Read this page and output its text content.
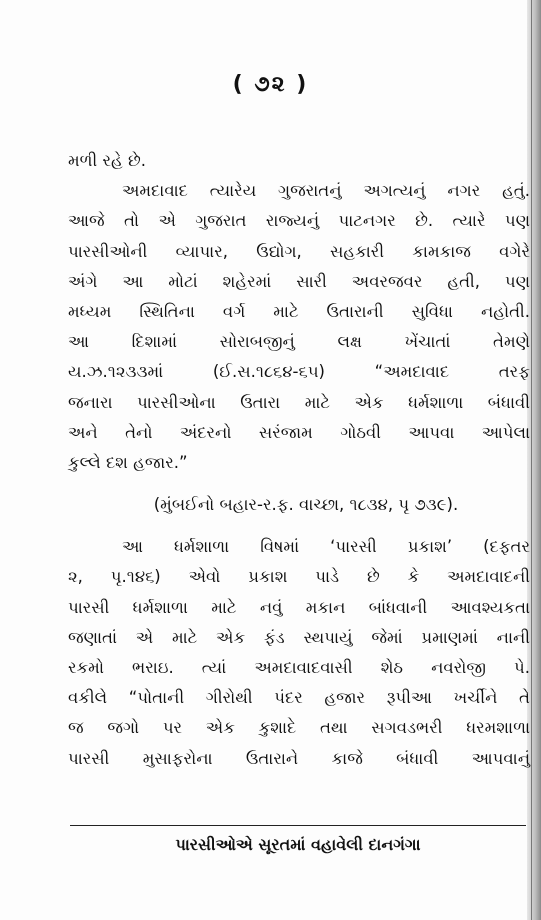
( ૭૨ )
મળી રહે છે.
અમદાવાદ ત્યારેય ગુજરાતનું અગત્યનું નગર હતું.
આજે તો એ ગુજરાત રાજ્યનું પાટનગર છે. ત્યારે પણ
પારસીઓની વ્યાપાર, ઉદ્યોગ, સહકારી કામકાજ વગેરે
અંગે આ મોટાં શહેરમાં સારી અવરજવર હતી, પણ
મધ્યમ સ્થિતિના વર્ગ માટે ઉતારાની સુવિધા નહોતી.
આ દિશામાં સોરાબજીનું લક્ષ ખેંચાતાં તેમણે
ય.ઝ.૧૨૩૩માં (ઈ.સ.૧૮૬૪-૬૫) “અમદાવાદ તરફ
જનારા પારસીઓના ઉતારા માટે એક ધર્મશાળા બંધાવી
અને તેનો અંદરનો સરંજામ ગોઠવી આપવા આપેલા
કુલ્લે દશ હજાર.”
(મુંબઈનો બહાર-ર.ફ. વાચ્છા, ૧૮૩૪, પૃ ૭૩૯).
આ ધર્મશાળા વિષમાં ‘પારસી પ્રકાશ’ (દફતર
૨, પૃ.૧૪૬) એવો પ્રકાશ પાડે છે કે અમદાવાદની
પારસી ધર્મશાળા માટે નવું મકાન બાંધવાની આવશ્યકતા
જણાતાં એ માટે એક ફંડ સ્થપાયું જેમાં પ્રમાણમાં નાની
રકમો ભરાઇ. ત્યાં અમદાવાદવાસી શેઠ નવરોજી પે.
વકીલે “પોતાની ગીરોથી પંદર હજાર રૂપીઆ ખર્ચીને તે
જ જગો પર એક કુશાદે તથા સગવડભરી ધરમશાળા
પારસી મુસાફરોના ઉતારાને કાજે બંધાવી આપવાનું
પારસીઓએ સૂરતમાં વહાવેલી દાનગંગા
